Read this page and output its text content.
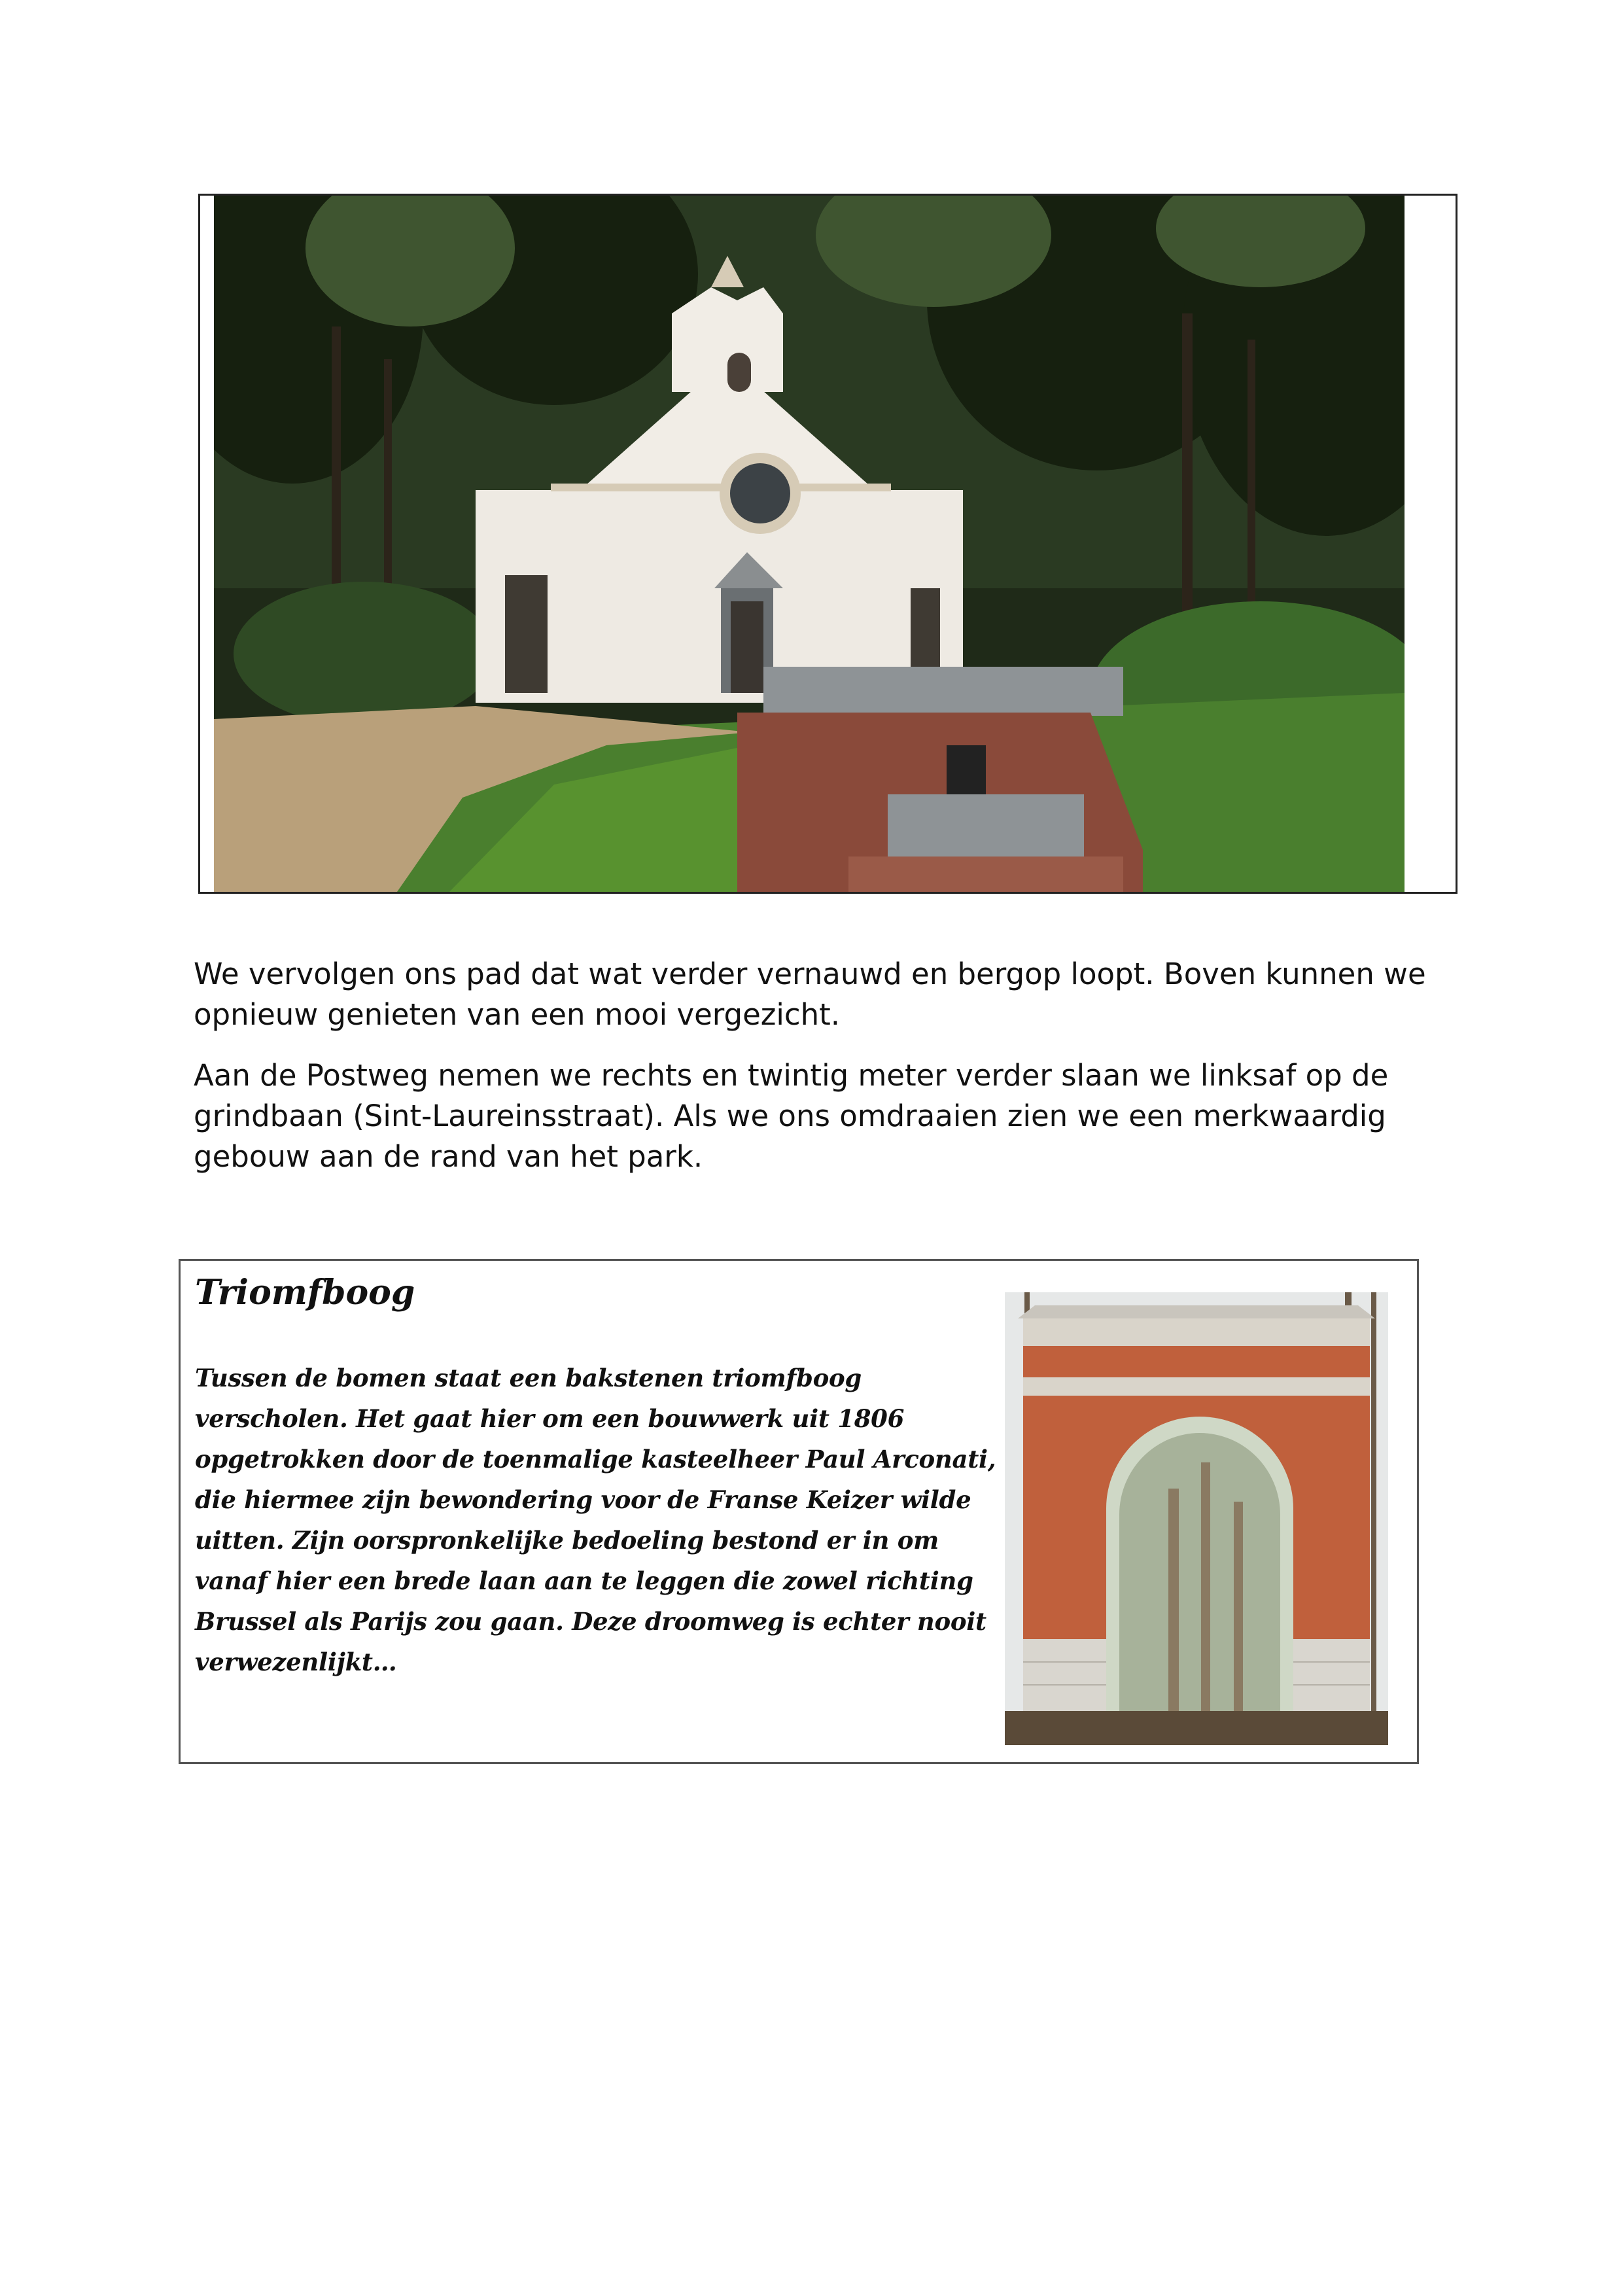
We vervolgen ons pad dat wat verder vernauwd en bergop loopt. Boven kunnen we opnieuw genieten van een mooi vergezicht.

Aan de Postweg nemen we rechts en twintig meter verder slaan we linksaf op de grindbaan (Sint-Laureinsstraat). Als we ons omdraaien zien we een merkwaardig gebouw aan de rand van het park.

Triomfboog

Tussen de bomen staat een bakstenen triomfboog verscholen. Het gaat hier om een bouwwerk uit 1806 opgetrokken door de toenmalige kasteelheer Paul Arconati, die hiermee zijn bewondering voor de Franse Keizer wilde uitten. Zijn oorspronkelijke bedoeling bestond er in om vanaf hier een brede laan aan te leggen die zowel richting Brussel als Parijs zou gaan. Deze droomweg is echter nooit verwezenlijkt…
